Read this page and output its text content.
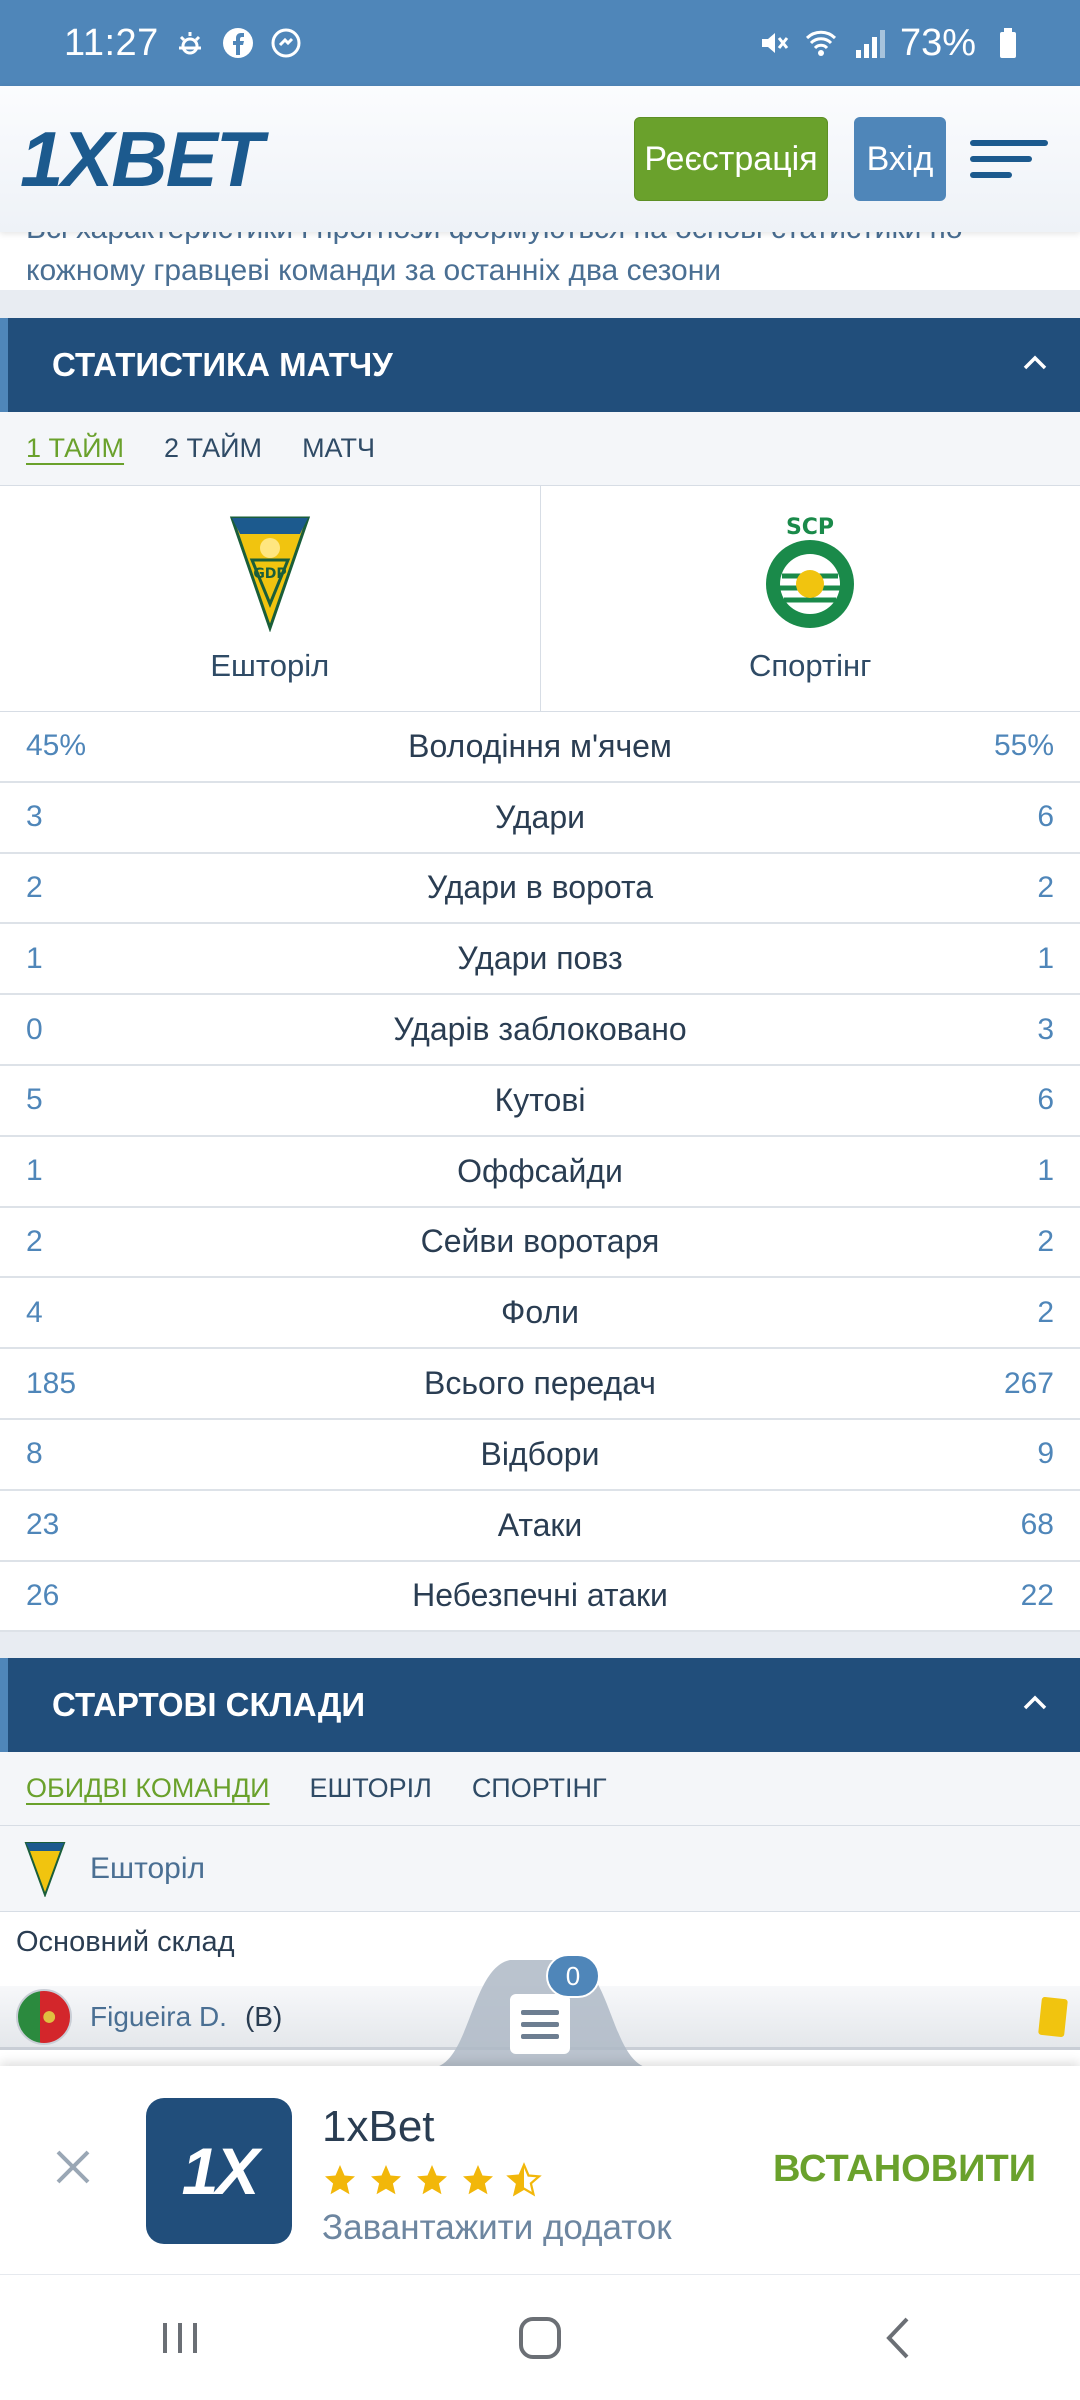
11:27	73%
1XBET	Реєстрація	Вхід
кожному гравцеві команди за останніх два сезони
СТАТИСТИКА МАТЧУ
1 ТАЙМ 2 ТАЙМ МАТЧ
GDP
Ешторіл
SCP
Спортінг
45%	Володіння м'ячем	55%
3	Удари	6
2	Удари в ворота	2
1	Удари повз	1
0	Ударів заблоковано	3
5	Кутові	6
1	Оффсайди	1
2	Сейви воротаря	2
4	Фоли	2
185	Всього передач	267
8	Відбори	9
23	Атаки	68
26	Небезпечні атаки	22
СТАРТОВІ СКЛАДИ
ОБИДВІ КОМАНДИ ЕШТОРІЛ СПОРТІНГ
Ешторіл
Основний склад
Figueira D. (В)
0
1X
1xBet
Завантажити додаток
ВСТАНОВИТИ
